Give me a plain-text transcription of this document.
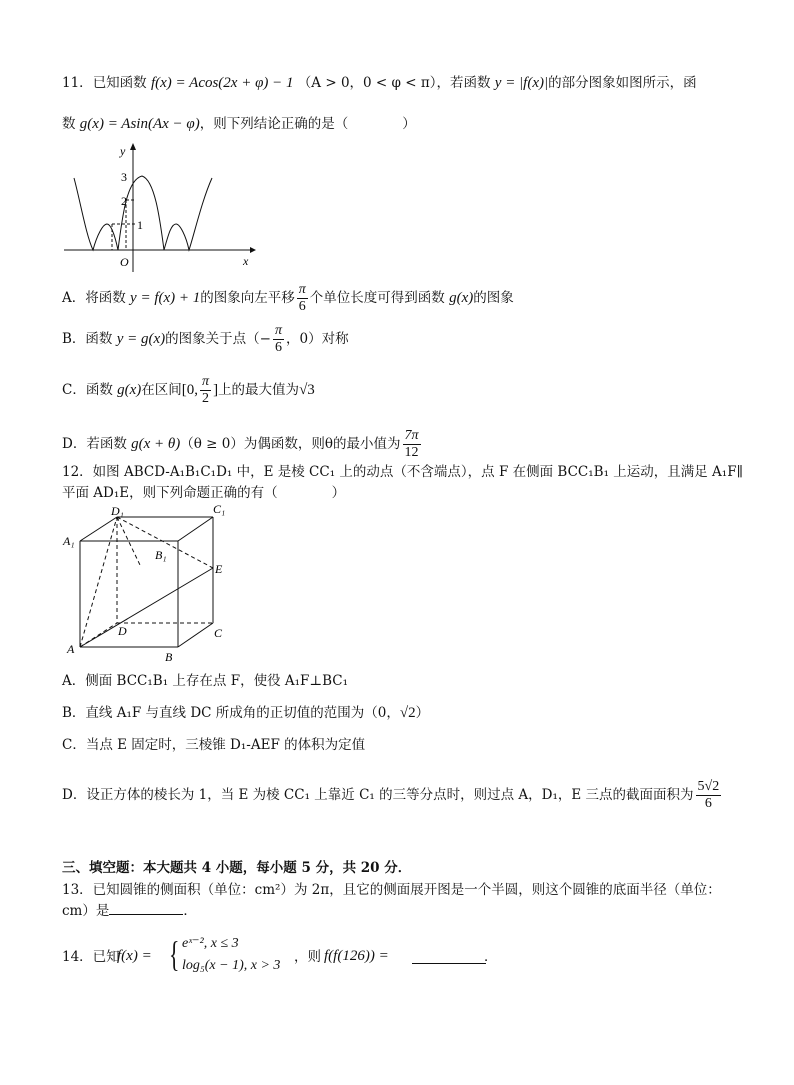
11．已知函数 f(x) = Acos(2x + φ) − 1 （A > 0，0 < φ < π），若函数 y = |f(x)|的部分图象如图所示，函
数 g(x) = Asin(Ax − φ)，则下列结论正确的是（　　　　）
y
x
O
3
2
1
A．将函数 y = f(x) + 1的图象向左平移 $\frac{\pi}{6}$ 个单位长度可得到函数 g(x)的图象
B．函数 y = g(x)的图象关于点（− $\frac{\pi}{6}$ ，0）对称
C．函数 g(x)在区间[0, $\frac{\pi}{2}$ ]上的最大值为√3
D．若函数 g(x + θ)（θ ≥ 0）为偶函数，则θ的最小值为 $\frac{7\pi}{12}$
12．如图 ABCD-A₁B₁C₁D₁ 中，E 是棱 CC₁ 上的动点（不含端点），点 F 在侧面 BCC₁B₁ 上运动，且满足 A₁F∥
平面 AD₁E，则下列命题正确的有（　　　　）
D₁	C₁
A₁
B₁
E
D	C
A
B
A．侧面 BCC₁B₁ 上存在点 F，使役 A₁F⊥BC₁
B．直线 A₁F 与直线 DC 所成角的正切值的范围为（0，√2）
C．当点 E 固定时，三棱锥 D₁-AEF 的体积为定值
D．设正方体的棱长为 1，当 E 为棱 CC₁ 上靠近 C₁ 的三等分点时，则过点 A，D₁，E 三点的截面面积为 $\frac{5√2}{6}$
三、填空题：本大题共 4 小题，每小题 5 分，共 20 分．
13．已知圆锥的侧面积（单位：cm²）为 2π，且它的侧面展开图是一个半圆，则这个圆锥的底面半径（单位：
cm）是	．
14．已知
f(x) = { eˣ⁻², x ≤ 3
log₅(x − 1), x > 3
，则 f(f(126)) =	．
